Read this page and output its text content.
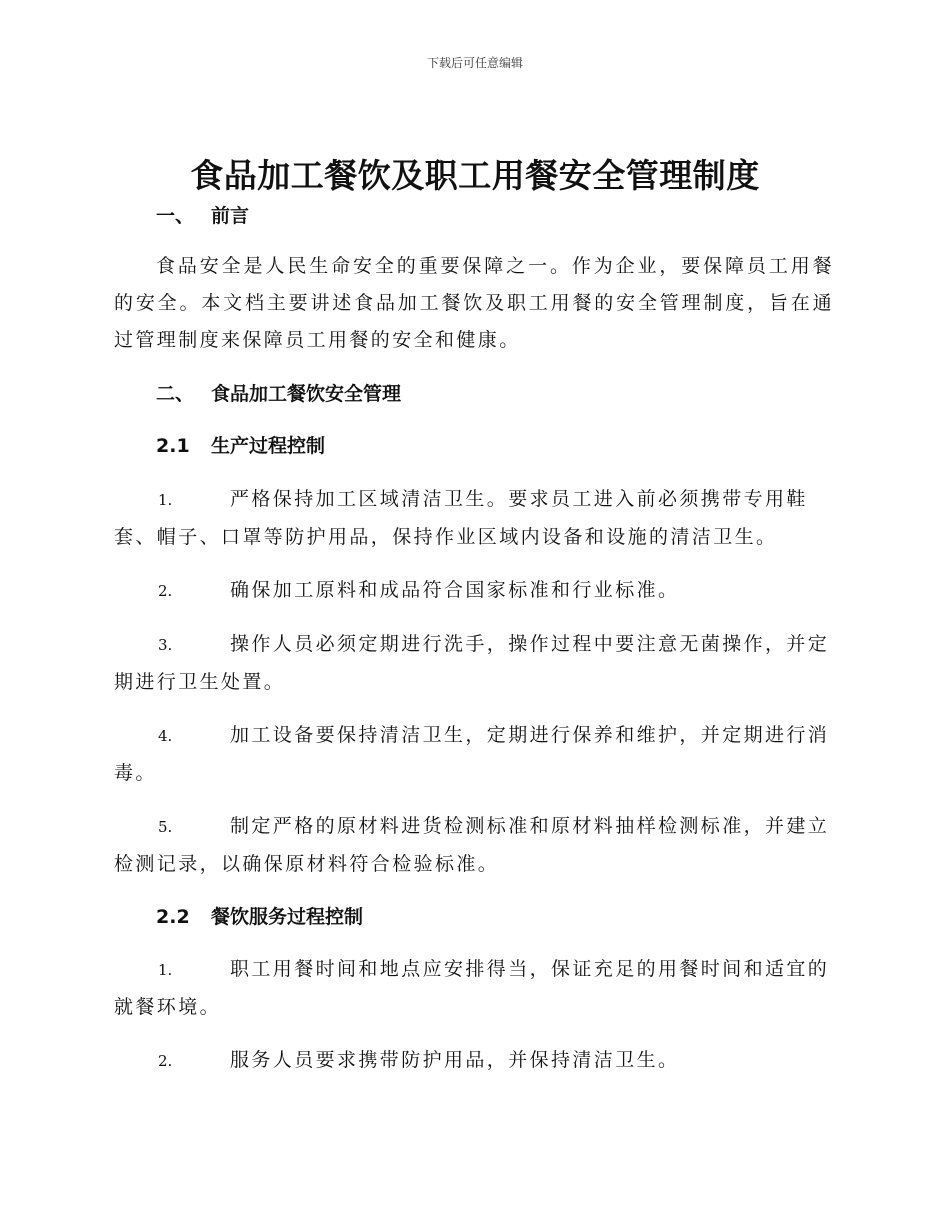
下载后可任意编辑
食品加工餐饮及职工用餐安全管理制度

一、 前言

食品安全是人民生命安全的重要保障之一。作为企业，要保障员工用餐的安全。本文档主要讲述食品加工餐饮及职工用餐的安全管理制度，旨在通过管理制度来保障员工用餐的安全和健康。

二、 食品加工餐饮安全管理

2.1 生产过程控制

1.	严格保持加工区域清洁卫生。要求员工进入前必须携带专用鞋套、帽子、口罩等防护用品，保持作业区域内设备和设施的清洁卫生。

2.	确保加工原料和成品符合国家标准和行业标准。

3.	操作人员必须定期进行洗手，操作过程中要注意无菌操作，并定期进行卫生处置。

4.	加工设备要保持清洁卫生，定期进行保养和维护，并定期进行消毒。

5.	制定严格的原材料进货检测标准和原材料抽样检测标准，并建立检测记录，以确保原材料符合检验标准。

2.2 餐饮服务过程控制

1.	职工用餐时间和地点应安排得当，保证充足的用餐时间和适宜的就餐环境。

2.	服务人员要求携带防护用品，并保持清洁卫生。
